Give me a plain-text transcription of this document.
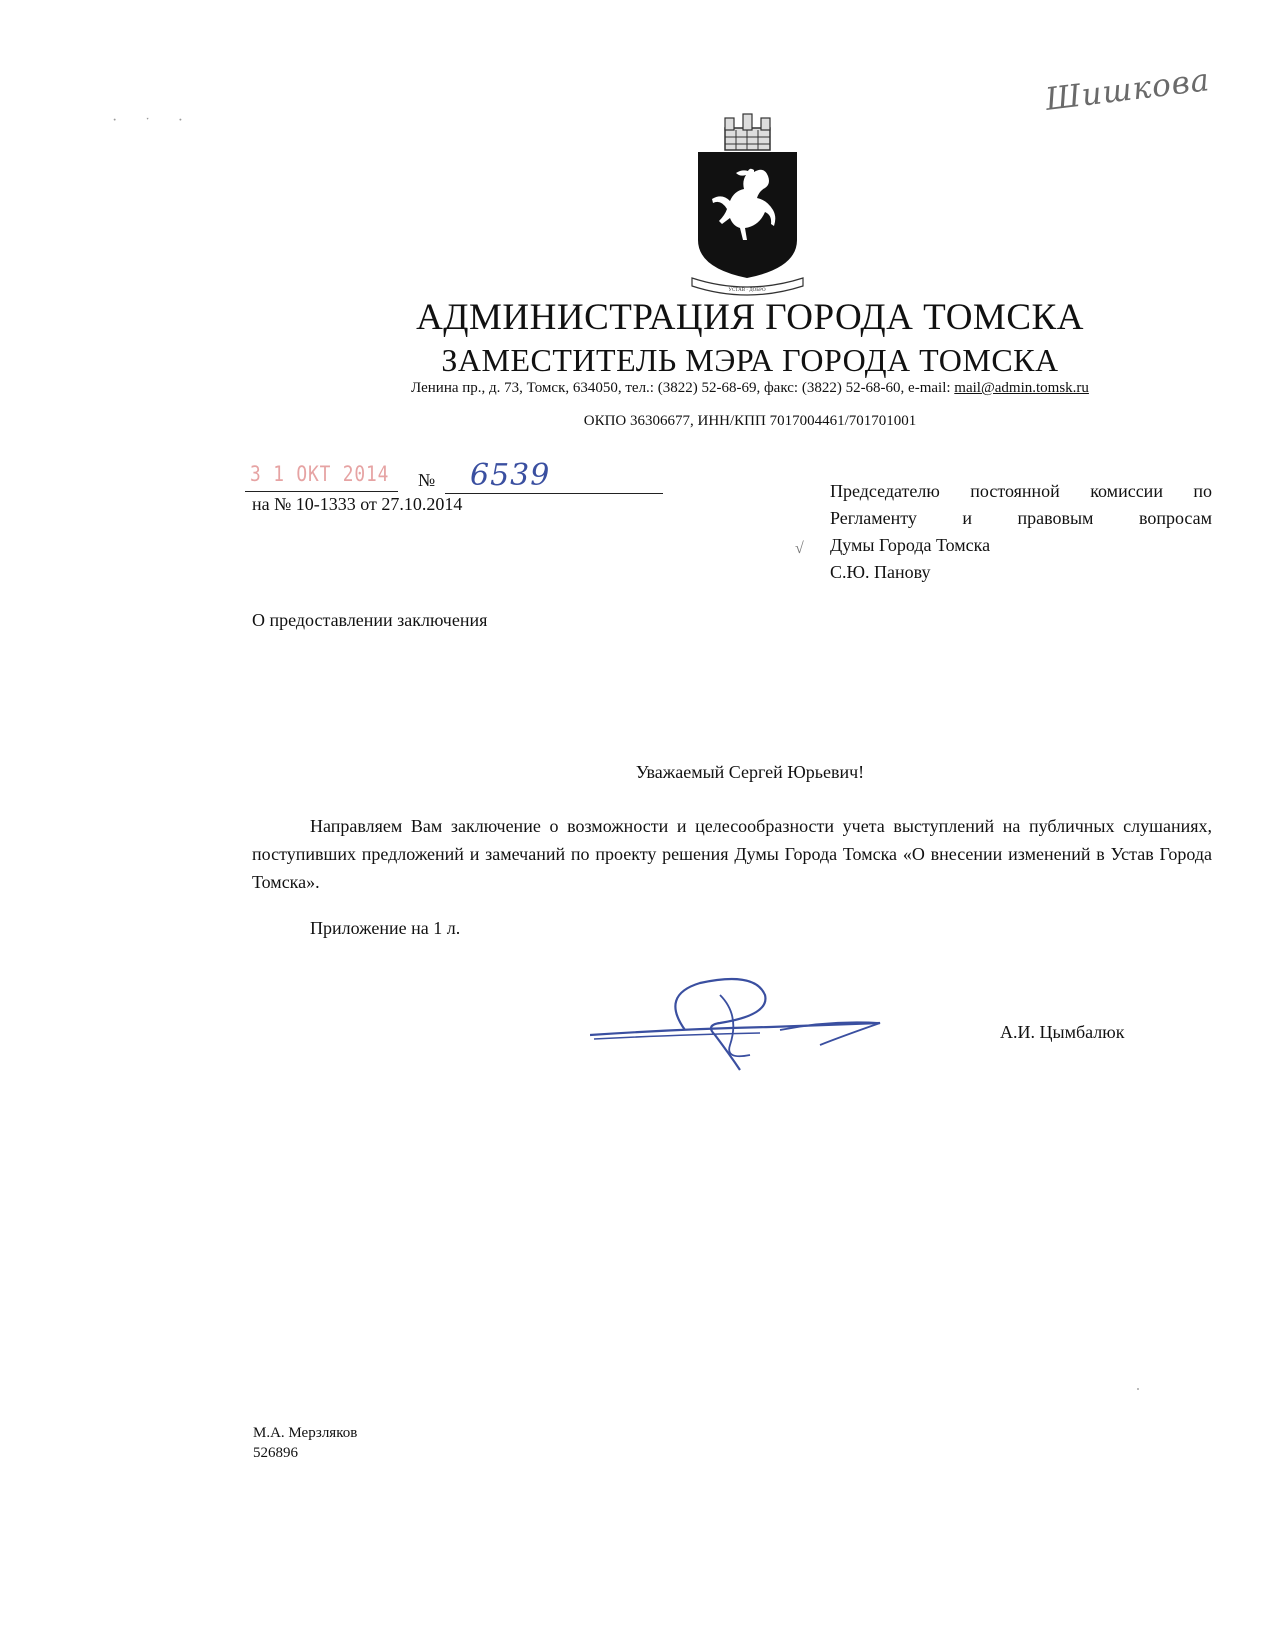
Шишкова
· ˑ ·
УСТАВ · ДОБРО
АДМИНИСТРАЦИЯ ГОРОДА ТОМСКА
ЗАМЕСТИТЕЛЬ МЭРА ГОРОДА ТОМСКА
Ленина пр., д. 73, Томск, 634050, тел.: (3822) 52-68-69, факс: (3822) 52-68-60, e-mail: mail@admin.tomsk.ru
ОКПО 36306677, ИНН/КПП 7017004461/701701001
3 1 ОКТ 2014 № 6539
на № 10-1333 от 27.10.2014
Председателю постоянной комиссии по
Регламенту и правовым вопросам
Думы Города Томска
С.Ю. Панову
√
О предоставлении заключения
Уважаемый Сергей Юрьевич!
Направляем Вам заключение о возможности и целесообразности учета выступлений на публичных слушаниях, поступивших предложений и замечаний по проекту решения Думы Города Томска «О внесении изменений в Устав Города Томска».
Приложение на 1 л.
А.И. Цымбалюк
М.А. Мерзляков
526896
